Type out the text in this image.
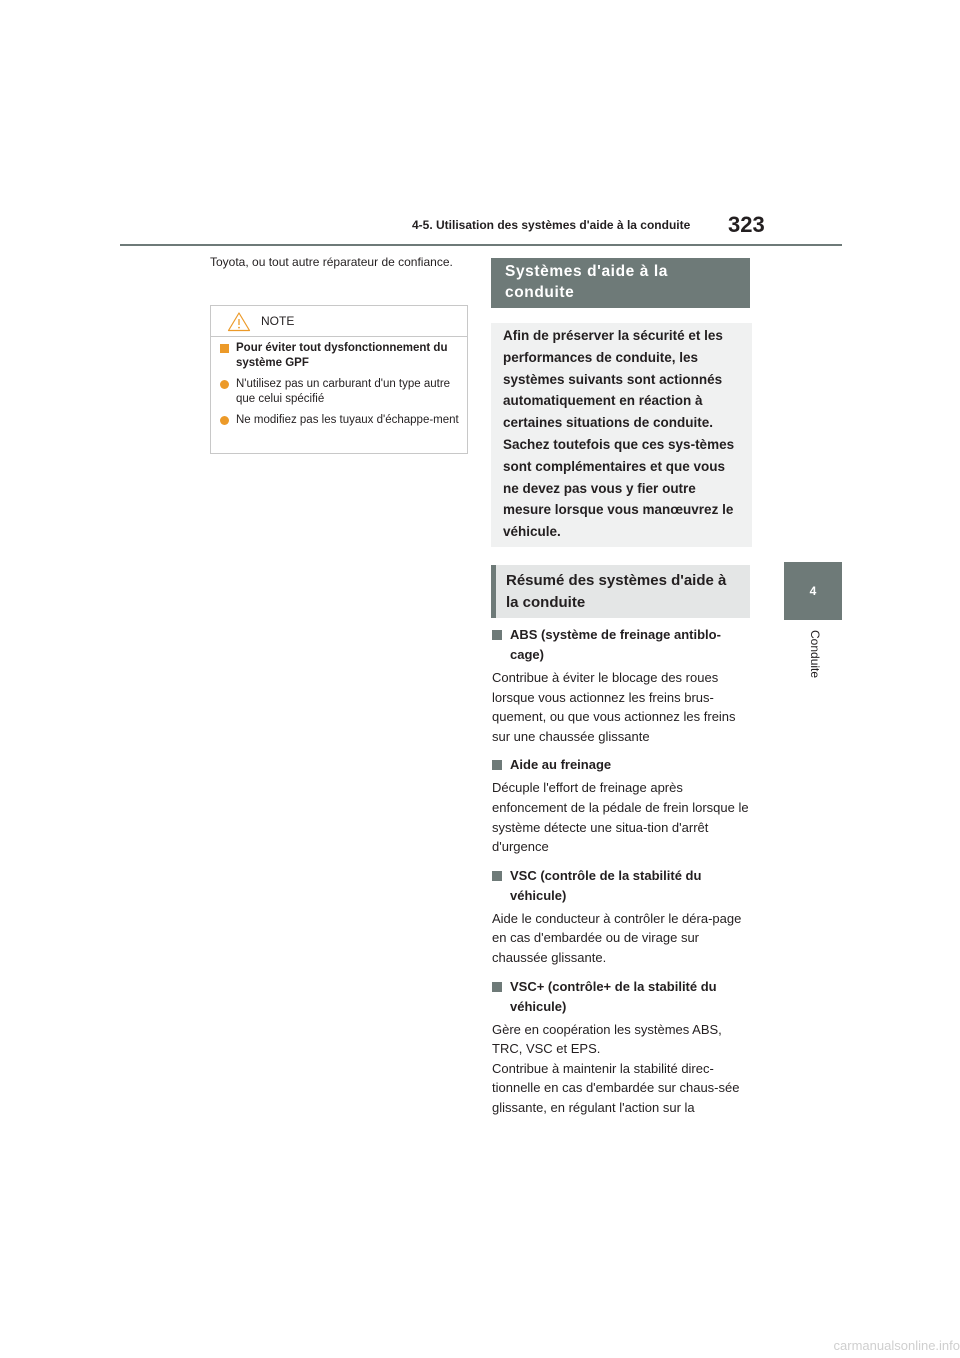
4-5. Utilisation des systèmes d'aide à la conduite	323
4
Conduite
Toyota, ou tout autre réparateur de confiance.
NOTE
Pour éviter tout dysfonctionnement du système GPF
N'utilisez pas un carburant d'un type autre que celui spécifié
Ne modifiez pas les tuyaux d'échappe-ment
Systèmes d'aide à la conduite
Afin de préserver la sécurité et les performances de conduite, les systèmes suivants sont actionnés automatiquement en réaction à certaines situations de conduite. Sachez toutefois que ces sys-tèmes sont complémentaires et que vous ne devez pas vous y fier outre mesure lorsque vous manœuvrez le véhicule.
Résumé des systèmes d'aide à la conduite
ABS (système de freinage antiblo-cage)
Contribue à éviter le blocage des roues lorsque vous actionnez les freins brus-quement, ou que vous actionnez les freins sur une chaussée glissante
Aide au freinage
Décuple l'effort de freinage après enfoncement de la pédale de frein lorsque le système détecte une situa-tion d'arrêt d'urgence
VSC (contrôle de la stabilité du véhicule)
Aide le conducteur à contrôler le déra-page en cas d'embardée ou de virage sur chaussée glissante.
VSC+ (contrôle+ de la stabilité du véhicule)
Gère en coopération les systèmes ABS, TRC, VSC et EPS.
Contribue à maintenir la stabilité direc-tionnelle en cas d'embardée sur chaus-sée glissante, en régulant l'action sur la
carmanualsonline.info
